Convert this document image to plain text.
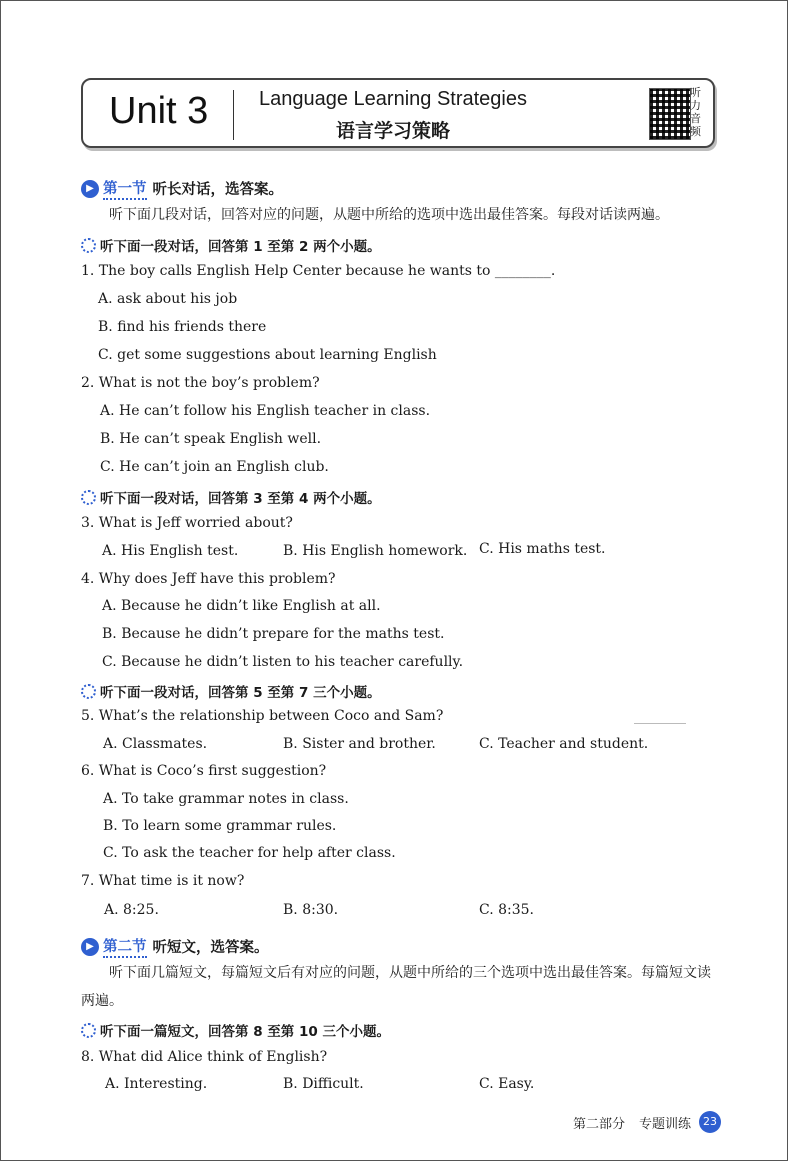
Unit 3	Language Learning Strategies
语言学习策略
听力音频
▶ 第一节 听长对话，选答案。
听下面几段对话，回答对应的问题，从题中所给的选项中选出最佳答案。每段对话读两遍。
听下面一段对话，回答第 1 至第 2 两个小题。
1. The boy calls English Help Center because he wants to ________.
A. ask about his job
B. find his friends there
C. get some suggestions about learning English
2. What is not the boy’s problem?
A. He can’t follow his English teacher in class.
B. He can’t speak English well.
C. He can’t join an English club.
听下面一段对话，回答第 3 至第 4 两个小题。
3. What is Jeff worried about?
A. His English test.	B. His English homework. C. His maths test.
4. Why does Jeff have this problem?
A. Because he didn’t like English at all.
B. Because he didn’t prepare for the maths test.
C. Because he didn’t listen to his teacher carefully.
听下面一段对话，回答第 5 至第 7 三个小题。
5. What’s the relationship between Coco and Sam?
A. Classmates.	B. Sister and brother.	C. Teacher and student.
6. What is Coco’s first suggestion?
A. To take grammar notes in class.
B. To learn some grammar rules.
C. To ask the teacher for help after class.
7. What time is it now?
A. 8:25.	B. 8:30.	C. 8:35.
▶ 第二节 听短文，选答案。
听下面几篇短文，每篇短文后有对应的问题，从题中所给的三个选项中选出最佳答案。每篇短文读两遍。
听下面一篇短文，回答第 8 至第 10 三个小题。
8. What did Alice think of English?
A. Interesting.	B. Difficult.	C. Easy.
第二部分 专题训练	23
